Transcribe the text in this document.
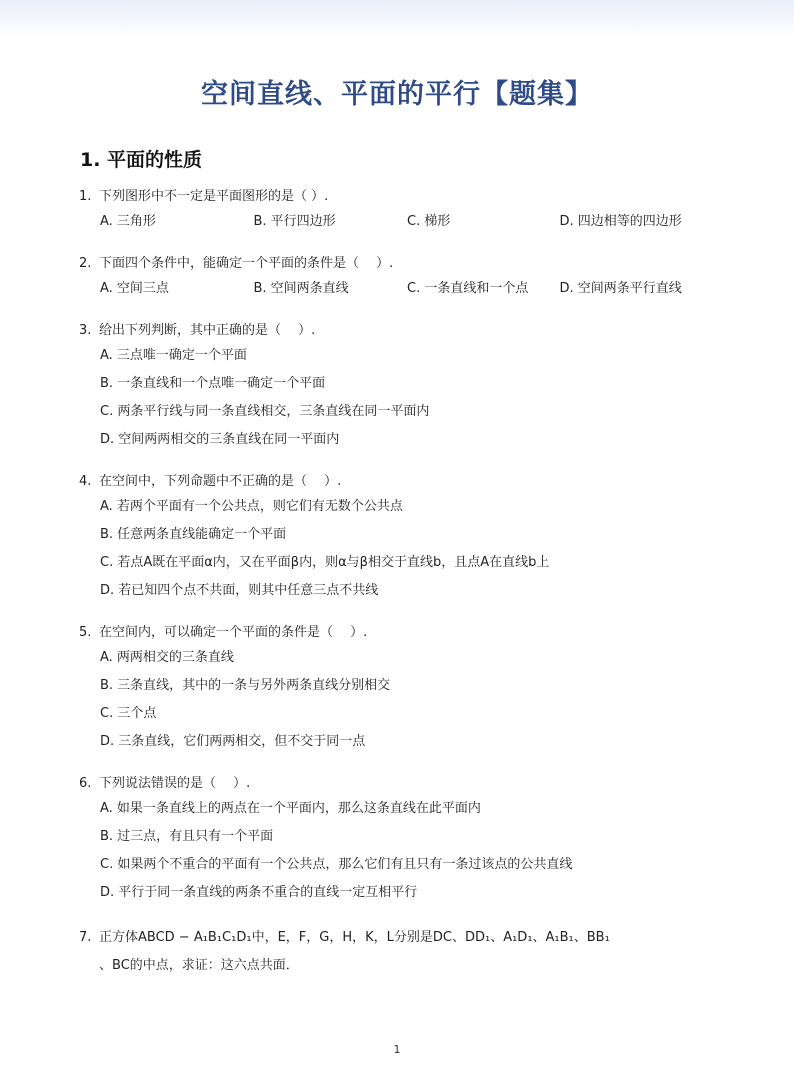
空间直线、平面的平行【题集】
1. 平面的性质
1. 下列图形中不一定是平面图形的是（ ）.
A. 三角形	B. 平行四边形	C. 梯形	D. 四边相等的四边形
2. 下面四个条件中，能确定一个平面的条件是（　 ）.
A. 空间三点	B. 空间两条直线	C. 一条直线和一个点	D. 空间两条平行直线
3. 给出下列判断，其中正确的是（　 ）.
A. 三点唯一确定一个平面
B. 一条直线和一个点唯一确定一个平面
C. 两条平行线与同一条直线相交，三条直线在同一平面内
D. 空间两两相交的三条直线在同一平面内
4. 在空间中，下列命题中不正确的是（　 ）.
A. 若两个平面有一个公共点，则它们有无数个公共点
B. 任意两条直线能确定一个平面
C. 若点A既在平面α内，又在平面β内，则α与β相交于直线b，且点A在直线b上
D. 若已知四个点不共面，则其中任意三点不共线
5. 在空间内，可以确定一个平面的条件是（　 ）.
A. 两两相交的三条直线
B. 三条直线，其中的一条与另外两条直线分别相交
C. 三个点
D. 三条直线，它们两两相交，但不交于同一点
6. 下列说法错误的是（　 ）.
A. 如果一条直线上的两点在一个平面内，那么这条直线在此平面内
B. 过三点，有且只有一个平面
C. 如果两个不重合的平面有一个公共点，那么它们有且只有一条过该点的公共直线
D. 平行于同一条直线的两条不重合的直线一定互相平行
7. 正方体ABCD − A₁B₁C₁D₁中，E，F，G，H，K，L分别是DC、DD₁、A₁D₁、A₁B₁、BB₁
、BC的中点，求证：这六点共面．
1
